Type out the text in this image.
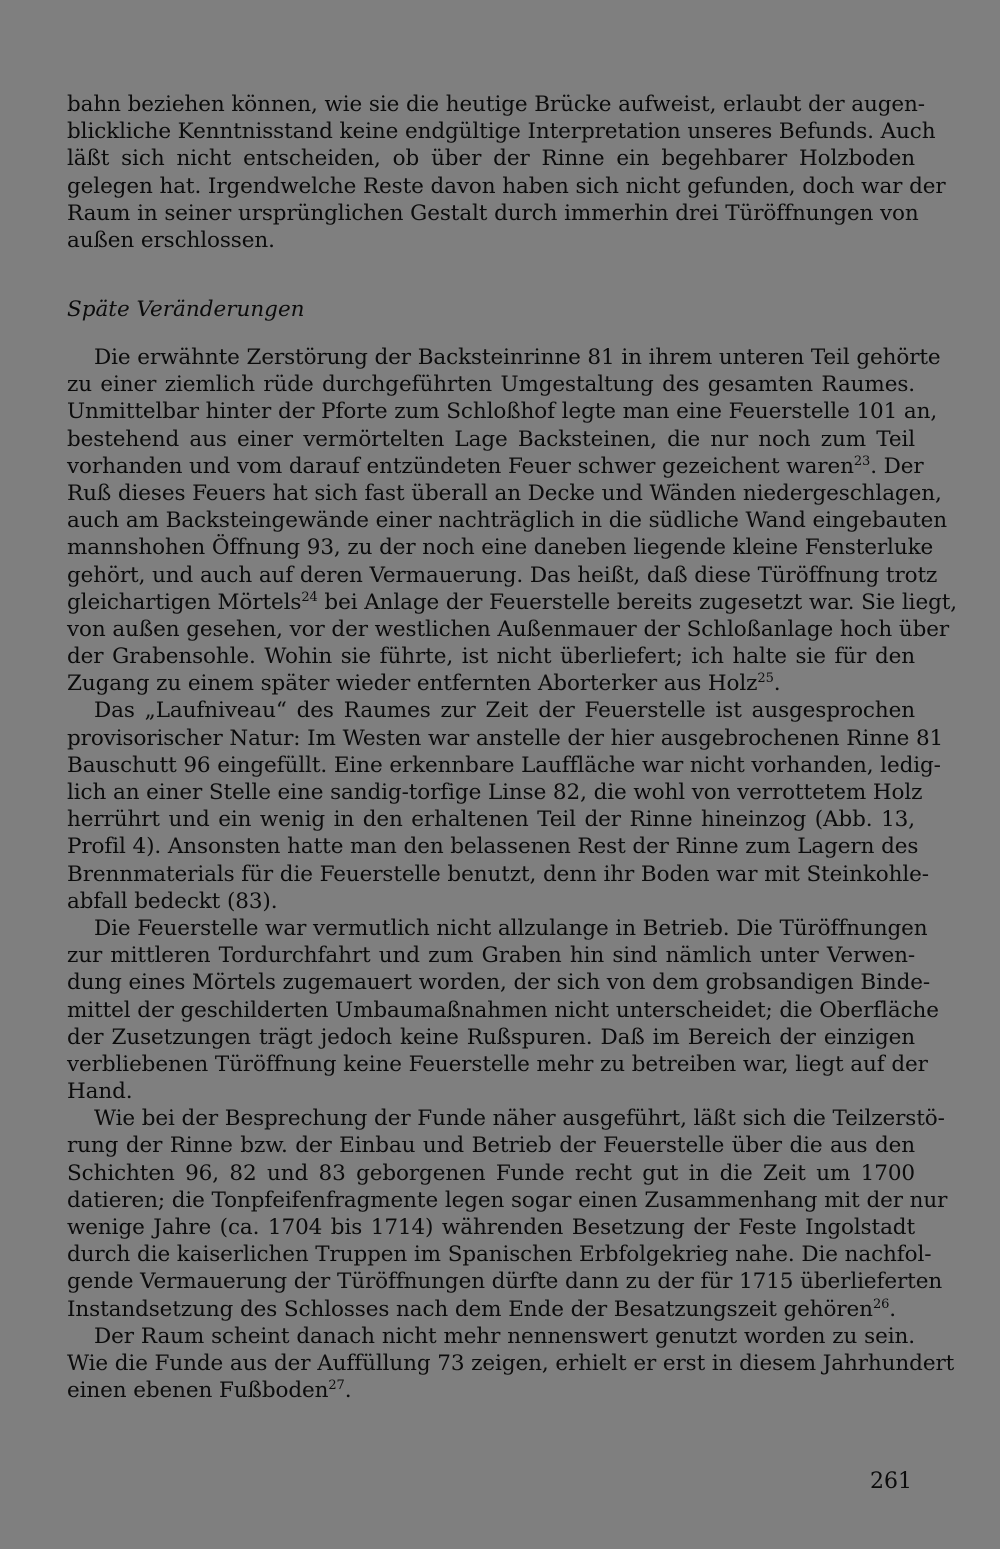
bahn beziehen können, wie sie die heutige Brücke aufweist, erlaubt der augen-
blickliche Kenntnisstand keine endgültige Interpretation unseres Befunds. Auch
läßt sich nicht entscheiden, ob über der Rinne ein begehbarer Holzboden
gelegen hat. Irgendwelche Reste davon haben sich nicht gefunden, doch war der
Raum in seiner ursprünglichen Gestalt durch immerhin drei Türöffnungen von
außen erschlossen.
Späte Veränderungen
Die erwähnte Zerstörung der Backsteinrinne 81 in ihrem unteren Teil gehörte
zu einer ziemlich rüde durchgeführten Umgestaltung des gesamten Raumes.
Unmittelbar hinter der Pforte zum Schloßhof legte man eine Feuerstelle 101 an,
bestehend aus einer vermörtelten Lage Backsteinen, die nur noch zum Teil
vorhanden und vom darauf entzündeten Feuer schwer gezeichent waren$^{23}$. Der
Ruß dieses Feuers hat sich fast überall an Decke und Wänden niedergeschlagen,
auch am Backsteingewände einer nachträglich in die südliche Wand eingebauten
mannshohen Öffnung 93, zu der noch eine daneben liegende kleine Fensterluke
gehört, und auch auf deren Vermauerung. Das heißt, daß diese Türöffnung trotz
gleichartigen Mörtels$^{24}$ bei Anlage der Feuerstelle bereits zugesetzt war. Sie liegt,
von außen gesehen, vor der westlichen Außenmauer der Schloßanlage hoch über
der Grabensohle. Wohin sie führte, ist nicht überliefert; ich halte sie für den
Zugang zu einem später wieder entfernten Aborterker aus Holz$^{25}$.
Das „Laufniveau“ des Raumes zur Zeit der Feuerstelle ist ausgesprochen
provisorischer Natur: Im Westen war anstelle der hier ausgebrochenen Rinne 81
Bauschutt 96 eingefüllt. Eine erkennbare Lauffläche war nicht vorhanden, ledig-
lich an einer Stelle eine sandig-torfige Linse 82, die wohl von verrottetem Holz
herrührt und ein wenig in den erhaltenen Teil der Rinne hineinzog (Abb. 13,
Profil 4). Ansonsten hatte man den belassenen Rest der Rinne zum Lagern des
Brennmaterials für die Feuerstelle benutzt, denn ihr Boden war mit Steinkohle-
abfall bedeckt (83).
Die Feuerstelle war vermutlich nicht allzulange in Betrieb. Die Türöffnungen
zur mittleren Tordurchfahrt und zum Graben hin sind nämlich unter Verwen-
dung eines Mörtels zugemauert worden, der sich von dem grobsandigen Binde-
mittel der geschilderten Umbaumaßnahmen nicht unterscheidet; die Oberfläche
der Zusetzungen trägt jedoch keine Rußspuren. Daß im Bereich der einzigen
verbliebenen Türöffnung keine Feuerstelle mehr zu betreiben war, liegt auf der
Hand.
Wie bei der Besprechung der Funde näher ausgeführt, läßt sich die Teilzerstö-
rung der Rinne bzw. der Einbau und Betrieb der Feuerstelle über die aus den
Schichten 96, 82 und 83 geborgenen Funde recht gut in die Zeit um 1700
datieren; die Tonpfeifenfragmente legen sogar einen Zusammenhang mit der nur
wenige Jahre (ca. 1704 bis 1714) währenden Besetzung der Feste Ingolstadt
durch die kaiserlichen Truppen im Spanischen Erbfolgekrieg nahe. Die nachfol-
gende Vermauerung der Türöffnungen dürfte dann zu der für 1715 überlieferten
Instandsetzung des Schlosses nach dem Ende der Besatzungszeit gehören$^{26}$.
Der Raum scheint danach nicht mehr nennenswert genutzt worden zu sein.
Wie die Funde aus der Auffüllung 73 zeigen, erhielt er erst in diesem Jahrhundert
einen ebenen Fußboden$^{27}$.
261
